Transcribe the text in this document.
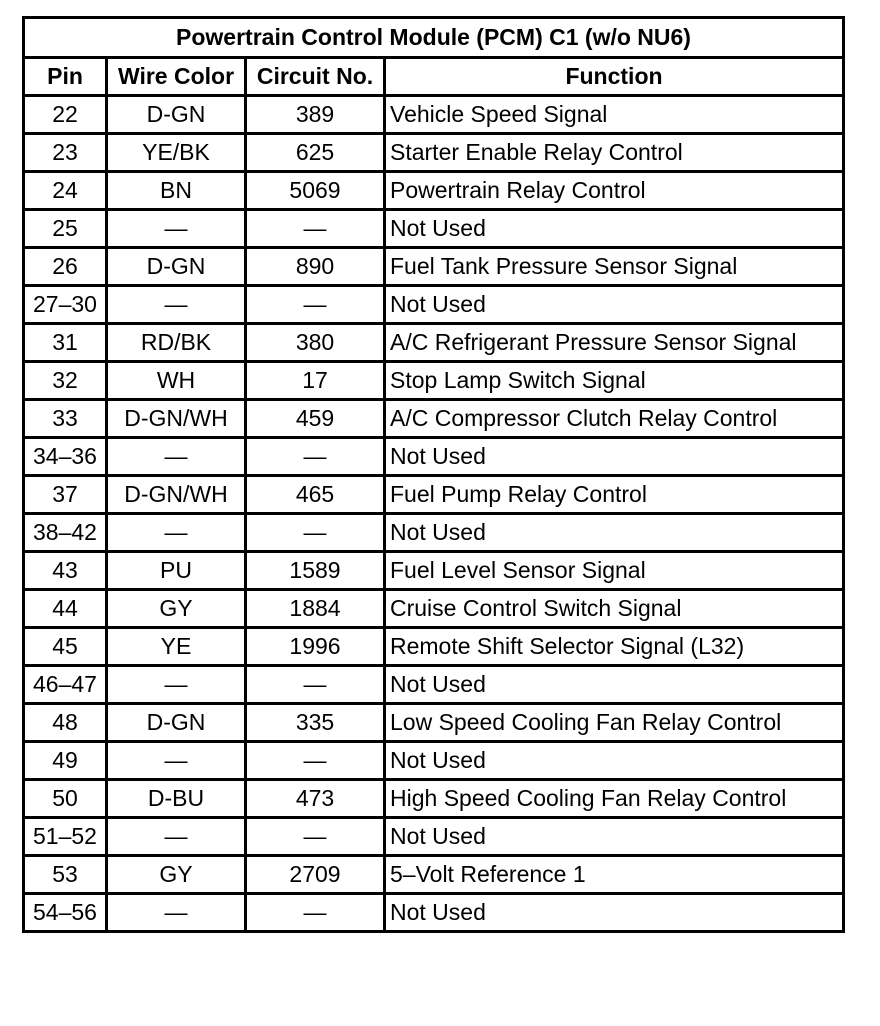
Powertrain Control Module (PCM) C1 (w/o NU6)			
Pin	Wire Color	Circuit No.	Function
22	D-GN	389	Vehicle Speed Signal
23	YE/BK	625	Starter Enable Relay Control
24	BN	5069	Powertrain Relay Control
25	—	—	Not Used
26	D-GN	890	Fuel Tank Pressure Sensor Signal
27–30	—	—	Not Used
31	RD/BK	380	A/C Refrigerant Pressure Sensor Signal
32	WH	17	Stop Lamp Switch Signal
33	D-GN/WH	459	A/C Compressor Clutch Relay Control
34–36	—	—	Not Used
37	D-GN/WH	465	Fuel Pump Relay Control
38–42	—	—	Not Used
43	PU	1589	Fuel Level Sensor Signal
44	GY	1884	Cruise Control Switch Signal
45	YE	1996	Remote Shift Selector Signal (L32)
46–47	—	—	Not Used
48	D-GN	335	Low Speed Cooling Fan Relay Control
49	—	—	Not Used
50	D-BU	473	High Speed Cooling Fan Relay Control
51–52	—	—	Not Used
53	GY	2709	5–Volt Reference 1
54–56	—	—	Not Used
